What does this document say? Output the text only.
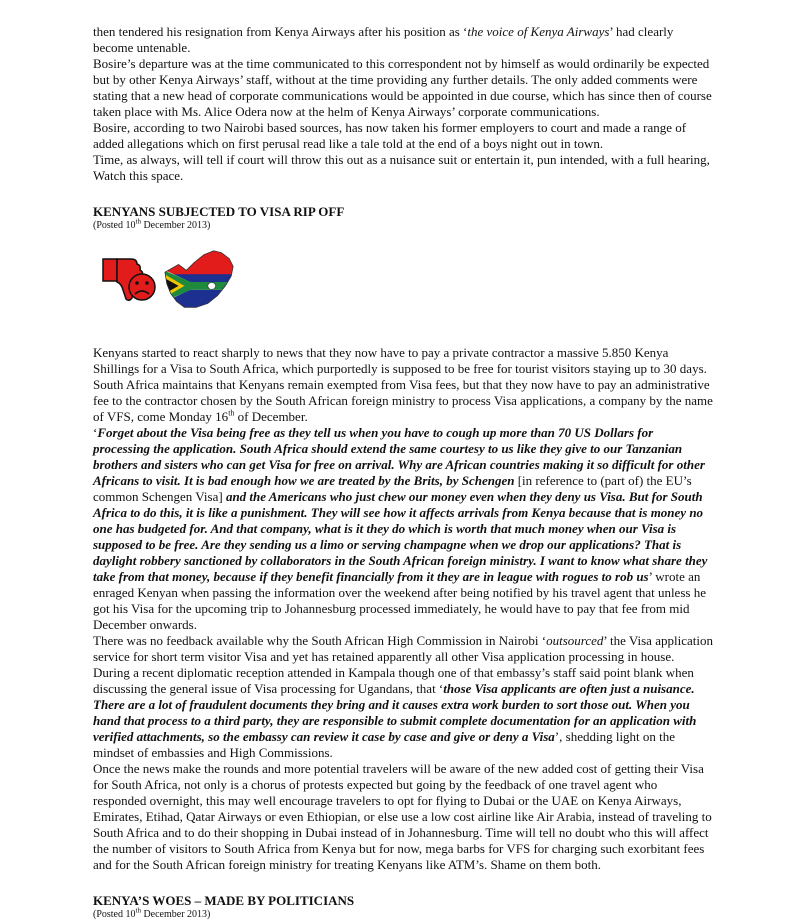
then tendered his resignation from Kenya Airways after his position as ‘the voice of Kenya Airways’ had clearly become untenable.

Bosire’s departure was at the time communicated to this correspondent not by himself as would ordinarily be expected but by other Kenya Airways’ staff, without at the time providing any further details. The only added comments were stating that a new head of corporate communications would be appointed in due course, which has since then of course taken place with Ms. Alice Odera now at the helm of Kenya Airways’ corporate communications.

Bosire, according to two Nairobi based sources, has now taken his former employers to court and made a range of added allegations which on first perusal read like a tale told at the end of a boys night out in town.

Time, as always, will tell if court will throw this out as a nuisance suit or entertain it, pun intended, with a full hearing, Watch this space.

KENYANS SUBJECTED TO VISA RIP OFF
(Posted 10th December 2013)

Kenyans started to react sharply to news that they now have to pay a private contractor a massive 5.850 Kenya Shillings for a Visa to South Africa, which purportedly is supposed to be free for tourist visitors staying up to 30 days. South Africa maintains that Kenyans remain exempted from Visa fees, but that they now have to pay an administrative fee to the contractor chosen by the South African foreign ministry to process Visa applications, a company by the name of VFS, come Monday 16th of December.

‘Forget about the Visa being free as they tell us when you have to cough up more than 70 US Dollars for processing the application. South Africa should extend the same courtesy to us like they give to our Tanzanian brothers and sisters who can get Visa for free on arrival. Why are African countries making it so difficult for other Africans to visit. It is bad enough how we are treated by the Brits, by Schengen [in reference to (part of) the EU’s common Schengen Visa] and the Americans who just chew our money even when they deny us Visa. But for South Africa to do this, it is like a punishment. They will see how it affects arrivals from Kenya because that is money no one has budgeted for. And that company, what is it they do which is worth that much money when our Visa is supposed to be free. Are they sending us a limo or serving champagne when we drop our applications? That is daylight robbery sanctioned by collaborators in the South African foreign ministry. I want to know what share they take from that money, because if they benefit financially from it they are in league with rogues to rob us’ wrote an enraged Kenyan when passing the information over the weekend after being notified by his travel agent that unless he got his Visa for the upcoming trip to Johannesburg processed immediately, he would have to pay that fee from mid December onwards.

There was no feedback available why the South African High Commission in Nairobi ‘outsourced’ the Visa application service for short term visitor Visa and yet has retained apparently all other Visa application processing in house. During a recent diplomatic reception attended in Kampala though one of that embassy’s staff said point blank when discussing the general issue of Visa processing for Ugandans, that ‘those Visa applicants are often just a nuisance. There are a lot of fraudulent documents they bring and it causes extra work burden to sort those out. When you hand that process to a third party, they are responsible to submit complete documentation for an application with verified attachments, so the embassy can review it case by case and give or deny a Visa’, shedding light on the mindset of embassies and High Commissions.

Once the news make the rounds and more potential travelers will be aware of the new added cost of getting their Visa for South Africa, not only is a chorus of protests expected but going by the feedback of one travel agent who responded overnight, this may well encourage travelers to opt for flying to Dubai or the UAE on Kenya Airways, Emirates, Etihad, Qatar Airways or even Ethiopian, or else use a low cost airline like Air Arabia, instead of traveling to South Africa and to do their shopping in Dubai instead of in Johannesburg. Time will tell no doubt who this will affect the number of visitors to South Africa from Kenya but for now, mega barbs for VFS for charging such exorbitant fees and for the South African foreign ministry for treating Kenyans like ATM’s. Shame on them both.

KENYA’S WOES – MADE BY POLITICIANS
(Posted 10th December 2013)
